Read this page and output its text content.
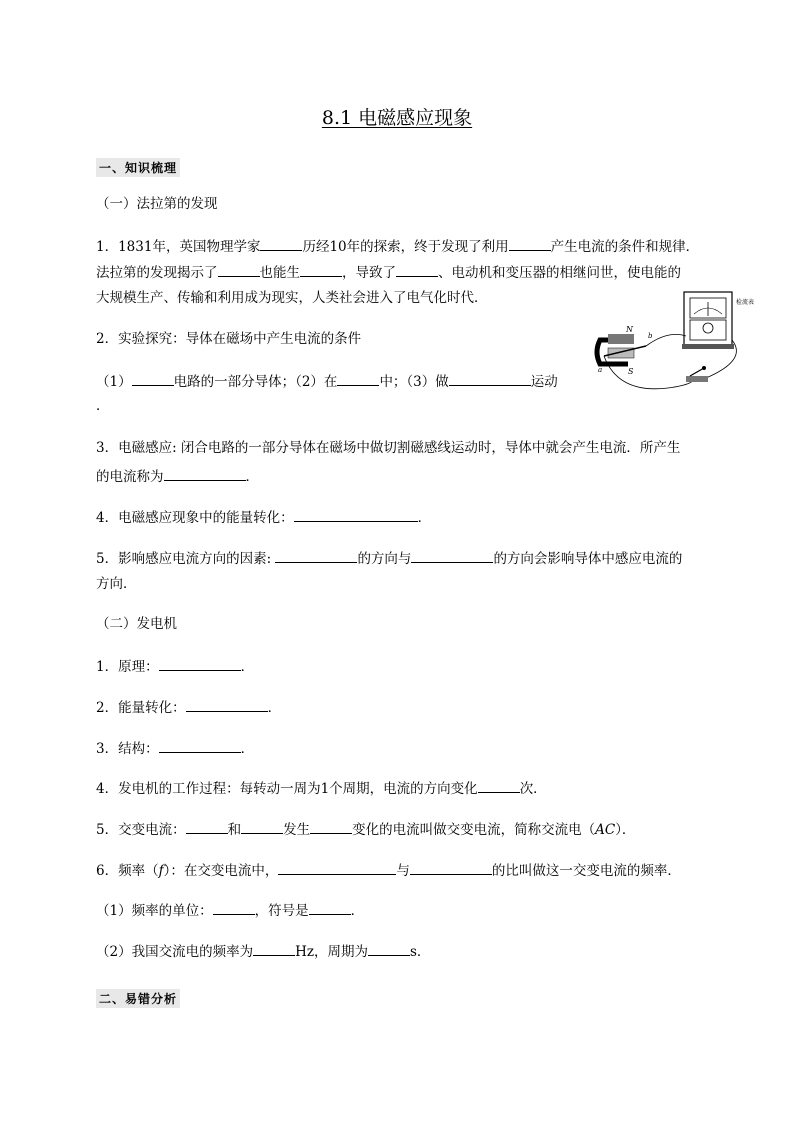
8.1 电磁感应现象
一、知识梳理
（一）法拉第的发现
1．1831年，英国物理学家	历经10年的探索，终于发现了利用	产生电流的条件和规律．
法拉第的发现揭示了	也能生	，导致了	、电动机和变压器的相继问世，使电能的
大规模生产、传输和利用成为现实，人类社会进入了电气化时代．
2．实验探究：导体在磁场中产生电流的条件
（1）	电路的一部分导体；（2）在	中；（3）做	运动
．
检流表
N
S
a
b
3．电磁感应: 闭合电路的一部分导体在磁场中做切割磁感线运动时，导体中就会产生电流．所产生
的电流称为	．
4．电磁感应现象中的能量转化：	．
5．影响感应电流方向的因素:	的方向与	的方向会影响导体中感应电流的
方向．
（二）发电机
1．原理：	．
2．能量转化：	．
3．结构：	．
4．发电机的工作过程：每转动一周为1个周期，电流的方向变化	次．
5．交变电流：	和	发生	变化的电流叫做交变电流，简称交流电（AC）．
6．频率（f）：在交变电流中，	与	的比叫做这一交变电流的频率．
（1）频率的单位：	，符号是	．
（2）我国交流电的频率为	Hz，周期为	s．
二、易错分析
